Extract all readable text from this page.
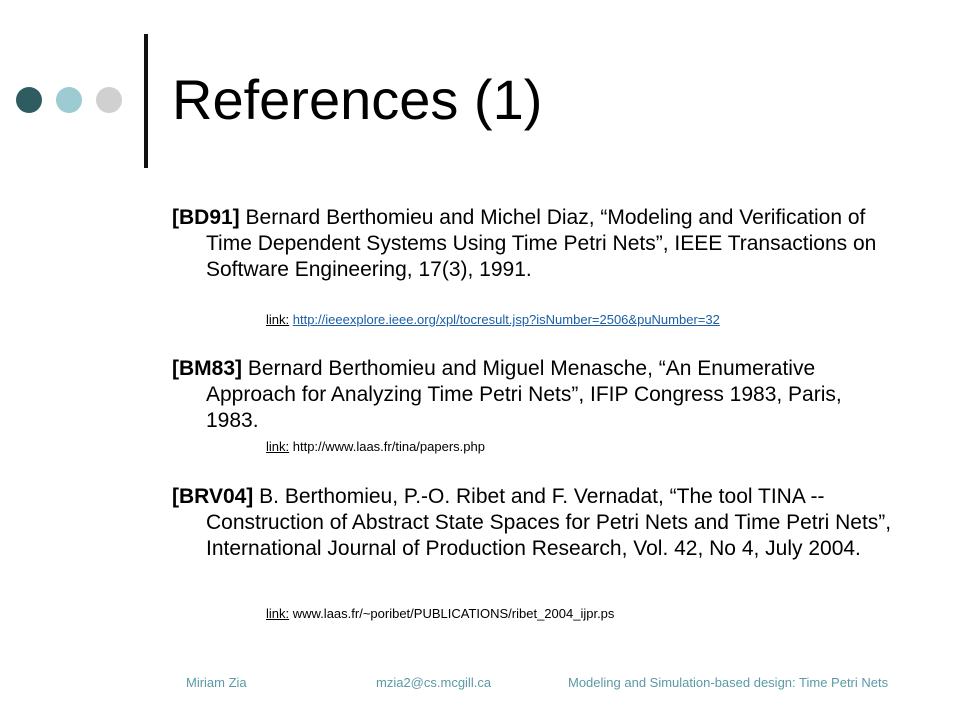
References (1)
[BD91] Bernard Berthomieu and Michel Diaz, “Modeling and Verification of Time Dependent Systems Using Time Petri Nets”, IEEE Transactions on Software Engineering, 17(3), 1991.
link: http://ieeexplore.ieee.org/xpl/tocresult.jsp?isNumber=2506&puNumber=32
[BM83] Bernard Berthomieu and Miguel Menasche, “An Enumerative Approach for Analyzing Time Petri Nets”, IFIP Congress 1983, Paris, 1983.
link: http://www.laas.fr/tina/papers.php
[BRV04] B. Berthomieu, P.-O. Ribet and F. Vernadat, “The tool TINA -- Construction of Abstract State Spaces for Petri Nets and Time Petri Nets”, International Journal of Production Research, Vol. 42, No 4, July 2004.
link: www.laas.fr/~poribet/PUBLICATIONS/ribet_2004_ijpr.ps
Miriam Zia	mzia2@cs.mcgill.ca	Modeling and Simulation-based design: Time Petri Nets
